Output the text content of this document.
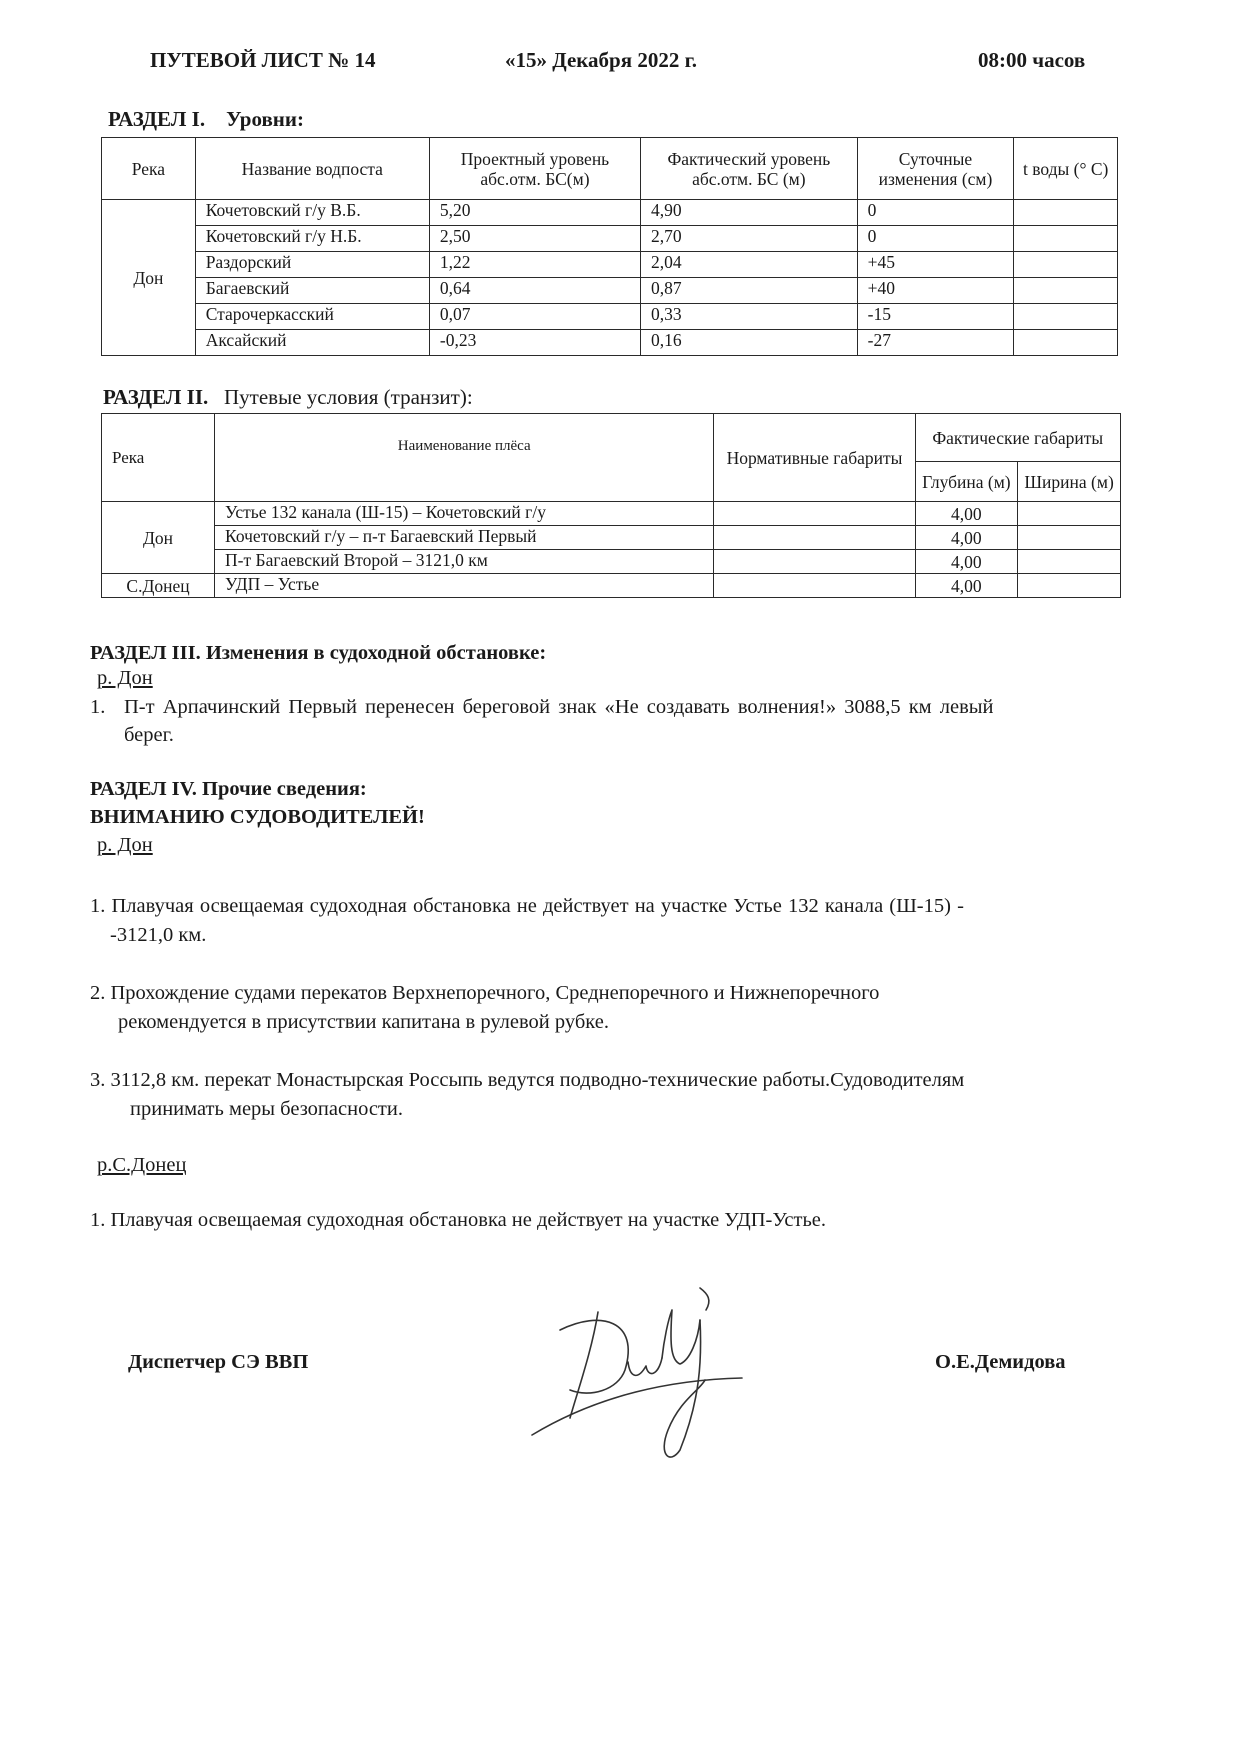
ПУТЕВОЙ ЛИСТ № 14	«15» Декабря 2022 г.	08:00 часов
РАЗДЕЛ I. Уровни:
Река	Название водпоста	Проектный уровень абс.отм. БС(м)	Фактический уровень абс.отм. БС (м)	Суточные изменения (см)	t воды (° С)
Дон	Кочетовский г/у В.Б.	5,20	4,90	0	
	Кочетовский г/у Н.Б.	2,50	2,70	0	
	Раздорский	1,22	2,04	+45	
	Багаевский	0,64	0,87	+40	
	Старочеркасский	0,07	0,33	-15	
	Аксайский	-0,23	0,16	-27	
РАЗДЕЛ II. Путевые условия (транзит):
Река	Наименование плёса	Нормативные габариты	Фактические габариты	
			Глубина (м)	Ширина (м)
Дон	Устье 132 канала (Ш-15) – Кочетовский г/у		4,00	
	Кочетовский г/у – п-т Багаевский Первый		4,00	
	П-т Багаевский Второй – 3121,0 км		4,00	
С.Донец	УДП – Устье		4,00	
РАЗДЕЛ III. Изменения в судоходной обстановке:
р. Дон
1. П-т Арпачинский Первый перенесен береговой знак «Не создавать волнения!» 3088,5 км левый
берег.
РАЗДЕЛ IV. Прочие сведения:
ВНИМАНИЮ СУДОВОДИТЕЛЕЙ!
р. Дон
1. Плавучая освещаемая судоходная обстановка не действует на участке Устье 132 канала (Ш-15) -
-3121,0 км.
2. Прохождение судами перекатов Верхнепоречного, Среднепоречного и Нижнепоречного
рекомендуется в присутствии капитана в рулевой рубке.
3. 3112,8 км. перекат Монастырская Россыпь ведутся подводно-технические работы.Судоводителям
принимать меры безопасности.
р.С.Донец
1. Плавучая освещаемая судоходная обстановка не действует на участке УДП-Устье.
Диспетчер СЭ ВВП	О.Е.Демидова
